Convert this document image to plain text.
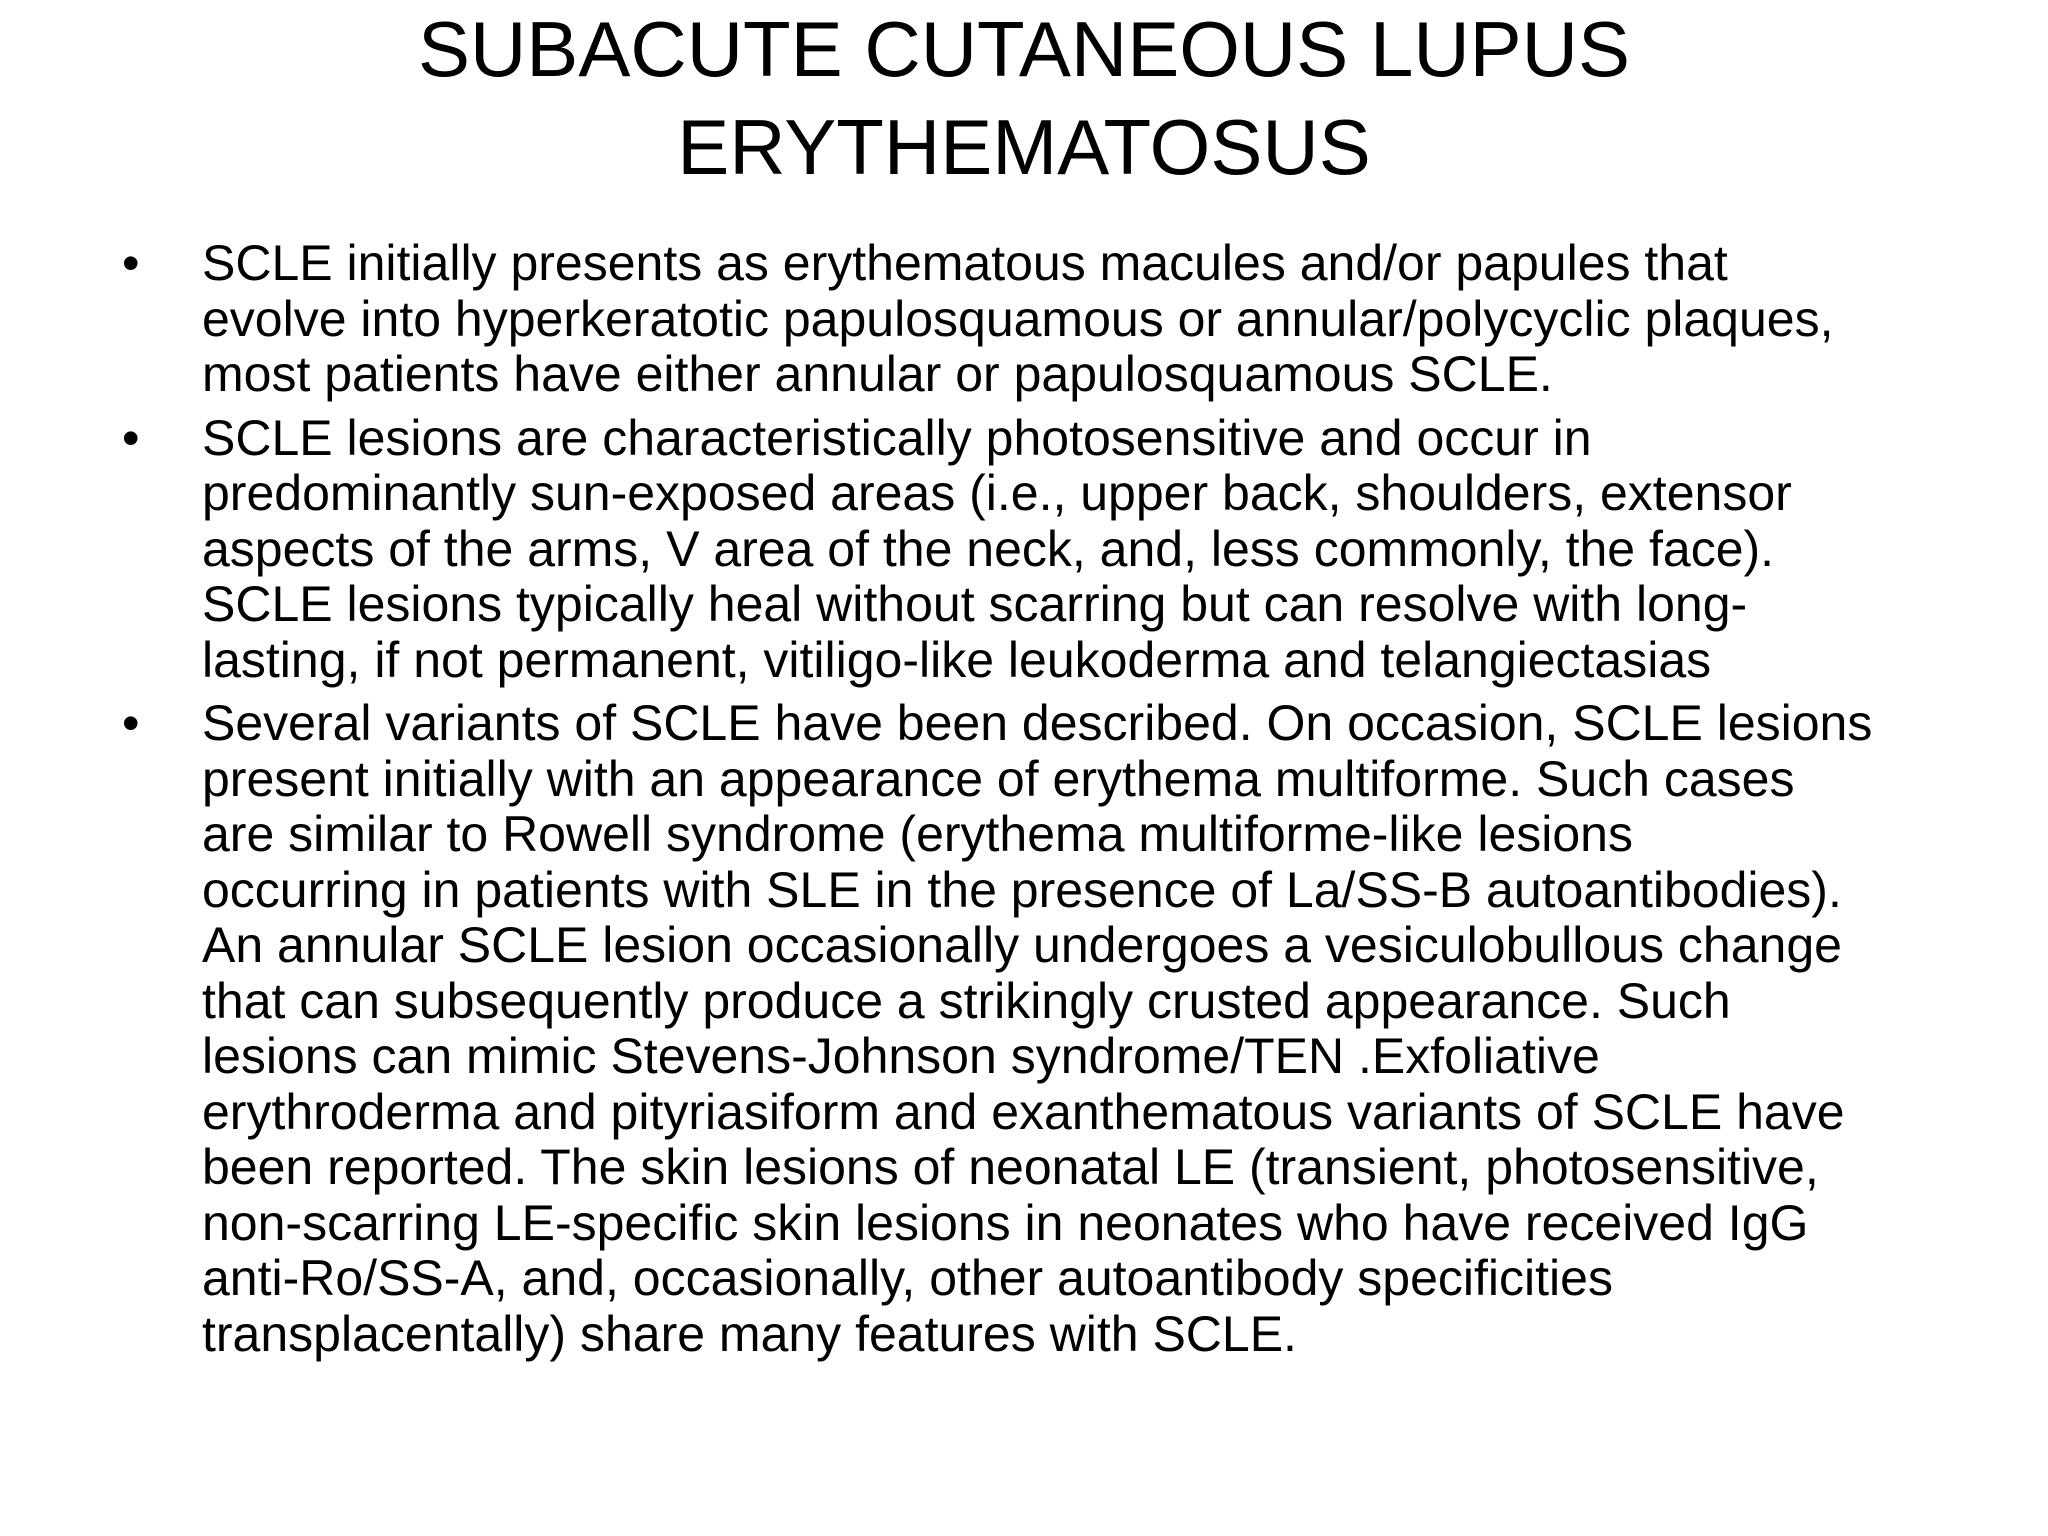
SUBACUTE CUTANEOUS LUPUS
ERYTHEMATOSUS
• SCLE initially presents as erythematous macules and/or papules that
evolve into hyperkeratotic papulosquamous or annular/polycyclic plaques,
most patients have either annular or papulosquamous SCLE.
• SCLE lesions are characteristically photosensitive and occur in
predominantly sun-exposed areas (i.e., upper back, shoulders, extensor
aspects of the arms, V area of the neck, and, less commonly, the face).
SCLE lesions typically heal without scarring but can resolve with long-
lasting, if not permanent, vitiligo-like leukoderma and telangiectasias
• Several variants of SCLE have been described. On occasion, SCLE lesions
present initially with an appearance of erythema multiforme. Such cases
are similar to Rowell syndrome (erythema multiforme-like lesions
occurring in patients with SLE in the presence of La/SS-B autoantibodies).
An annular SCLE lesion occasionally undergoes a vesiculobullous change
that can subsequently produce a strikingly crusted appearance. Such
lesions can mimic Stevens-Johnson syndrome/TEN .Exfoliative
erythroderma and pityriasiform and exanthematous variants of SCLE have
been reported. The skin lesions of neonatal LE (transient, photosensitive,
non-scarring LE-specific skin lesions in neonates who have received IgG
anti-Ro/SS-A, and, occasionally, other autoantibody specificities
transplacentally) share many features with SCLE.
